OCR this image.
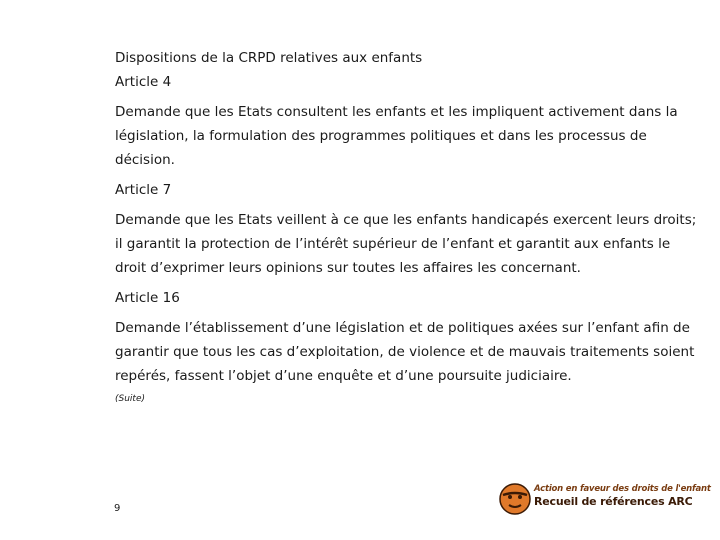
Dispositions de la CRPD relatives aux enfants

Article 4

Demande que les Etats consultent les enfants et les impliquent activement dans la législation, la formulation des programmes politiques et dans les processus de décision.

Article 7

Demande que les Etats veillent à ce que les enfants handicapés exercent leurs droits; il garantit la protection de l’intérêt supérieur de l’enfant et garantit aux enfants le droit d’exprimer leurs opinions sur toutes les affaires les concernant.

Article 16

Demande l’établissement d’une législation et de politiques axées sur l’enfant afin de garantir que tous les cas d’exploitation, de violence et de mauvais traitements soient repérés, fassent l’objet d’une enquête et d’une poursuite judiciaire.

(Suite)
9
Action en faveur des droits de l'enfant
Recueil de références ARC
